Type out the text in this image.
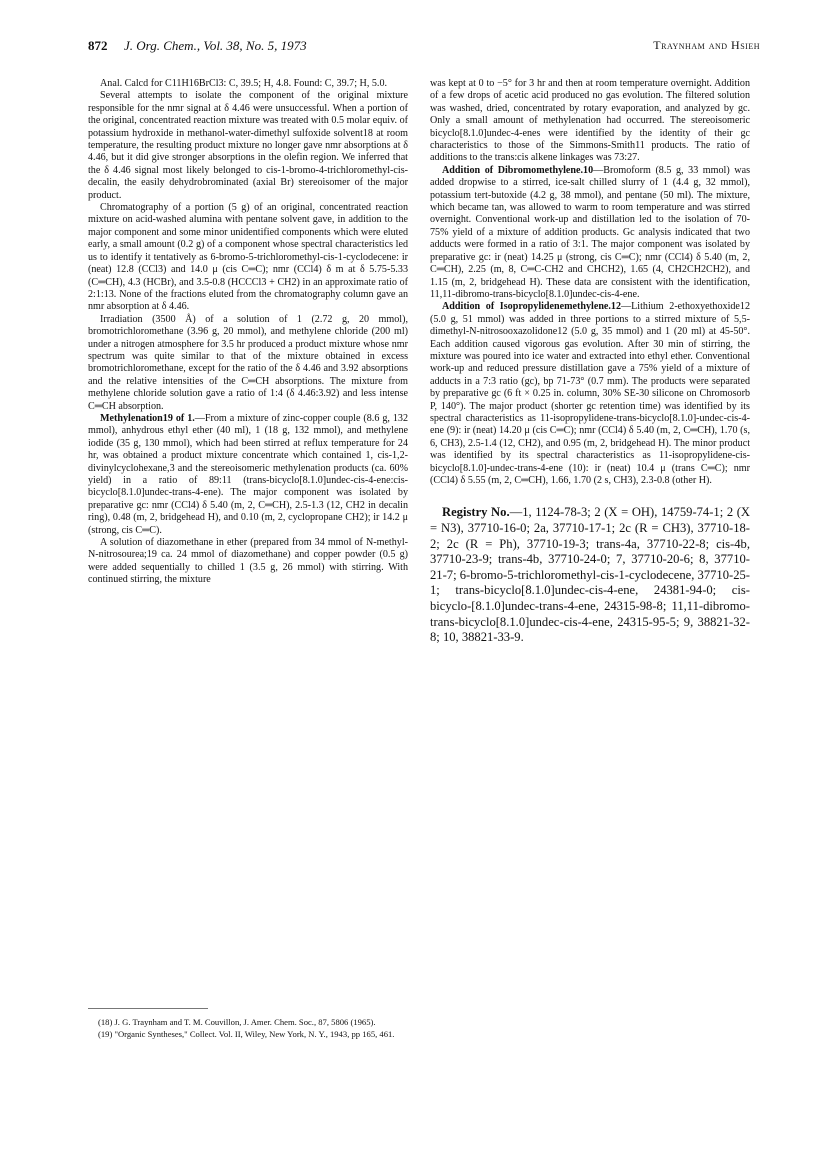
872 J. Org. Chem., Vol. 38, No. 5, 1973	Traynham and Hsieh

Anal. Calcd for C11H16BrCl3: C, 39.5; H, 4.8. Found: C, 39.7; H, 5.0.

Several attempts to isolate the component of the original mixture responsible for the nmr signal at δ 4.46 were unsuccessful. When a portion of the original, concentrated reaction mixture was treated with 0.5 molar equiv. of potassium hydroxide in methanol-water-dimethyl sulfoxide solvent18 at room temperature, the resulting product mixture no longer gave nmr absorptions at δ 4.46, but it did give stronger absorptions in the olefin region. We inferred that the δ 4.46 signal most likely belonged to cis-1-bromo-4-trichloromethyl-cis-decalin, the easily dehydrobrominated (axial Br) stereoisomer of the major product.

Chromatography of a portion (5 g) of an original, concentrated reaction mixture on acid-washed alumina with pentane solvent gave, in addition to the major component and some minor unidentified components which were eluted early, a small amount (0.2 g) of a component whose spectral characteristics led us to identify it tentatively as 6-bromo-5-trichloromethyl-cis-1-cyclodecene: ir (neat) 12.8 (CCl3) and 14.0 μ (cis C═C); nmr (CCl4) δ m at δ 5.75-5.33 (C═CH), 4.3 (HCBr), and 3.5-0.8 (HCCCl3 + CH2) in an approximate ratio of 2:1:13. None of the fractions eluted from the chromatography column gave an nmr absorption at δ 4.46.

Irradiation (3500 Å) of a solution of 1 (2.72 g, 20 mmol), bromotrichloromethane (3.96 g, 20 mmol), and methylene chloride (200 ml) under a nitrogen atmosphere for 3.5 hr produced a product mixture whose nmr spectrum was quite similar to that of the mixture obtained in excess bromotrichloromethane, except for the ratio of the δ 4.46 and 3.92 absorptions and the relative intensities of the C═CH absorptions. The mixture from methylene chloride solution gave a ratio of 1:4 (δ 4.46:3.92) and less intense C═CH absorption.

Methylenation19 of 1.—From a mixture of zinc-copper couple (8.6 g, 132 mmol), anhydrous ethyl ether (40 ml), 1 (18 g, 132 mmol), and methylene iodide (35 g, 130 mmol), which had been stirred at reflux temperature for 24 hr, was obtained a product mixture concentrate which contained 1, cis-1,2-divinylcyclohexane,3 and the stereoisomeric methylenation products (ca. 60% yield) in a ratio of 89:11 (trans-bicyclo[8.1.0]undec-cis-4-ene:cis-bicyclo[8.1.0]undec-trans-4-ene). The major component was isolated by preparative gc: nmr (CCl4) δ 5.40 (m, 2, C═CH), 2.5-1.3 (12, CH2 in decalin ring), 0.48 (m, 2, bridgehead H), and 0.10 (m, 2, cyclopropane CH2); ir 14.2 μ (strong, cis C═C).

A solution of diazomethane in ether (prepared from 34 mmol of N-methyl-N-nitrosourea;19 ca. 24 mmol of diazomethane) and copper powder (0.5 g) were added sequentially to chilled 1 (3.5 g, 26 mmol) with stirring. With continued stirring, the mixture

was kept at 0 to −5° for 3 hr and then at room temperature overnight. Addition of a few drops of acetic acid produced no gas evolution. The filtered solution was washed, dried, concentrated by rotary evaporation, and analyzed by gc. Only a small amount of methylenation had occurred. The stereoisomeric bicyclo[8.1.0]undec-4-enes were identified by the identity of their gc characteristics to those of the Simmons-Smith11 products. The ratio of additions to the trans:cis alkene linkages was 73:27.

Addition of Dibromomethylene.10—Bromoform (8.5 g, 33 mmol) was added dropwise to a stirred, ice-salt chilled slurry of 1 (4.4 g, 32 mmol), potassium tert-butoxide (4.2 g, 38 mmol), and pentane (50 ml). The mixture, which became tan, was allowed to warm to room temperature and was stirred overnight. Conventional work-up and distillation led to the isolation of 70-75% yield of a mixture of addition products. Gc analysis indicated that two adducts were formed in a ratio of 3:1. The major component was isolated by preparative gc: ir (neat) 14.25 μ (strong, cis C═C); nmr (CCl4) δ 5.40 (m, 2, C═CH), 2.25 (m, 8, C═C-CH2 and CHCH2), 1.65 (4, CH2CH2CH2), and 1.15 (m, 2, bridgehead H). These data are consistent with the identification, 11,11-dibromo-trans-bicyclo[8.1.0]undec-cis-4-ene.

Addition of Isopropylidenemethylene.12—Lithium 2-ethoxyethoxide12 (5.0 g, 51 mmol) was added in three portions to a stirred mixture of 5,5-dimethyl-N-nitrosooxazolidone12 (5.0 g, 35 mmol) and 1 (20 ml) at 45-50°. Each addition caused vigorous gas evolution. After 30 min of stirring, the mixture was poured into ice water and extracted into ethyl ether. Conventional work-up and reduced pressure distillation gave a 75% yield of a mixture of adducts in a 7:3 ratio (gc), bp 71-73° (0.7 mm). The products were separated by preparative gc (6 ft × 0.25 in. column, 30% SE-30 silicone on Chromosorb P, 140°). The major product (shorter gc retention time) was identified by its spectral characteristics as 11-isopropylidene-trans-bicyclo[8.1.0]-undec-cis-4-ene (9): ir (neat) 14.20 μ (cis C═C); nmr (CCl4) δ 5.40 (m, 2, C═CH), 1.70 (s, 6, CH3), 2.5-1.4 (12, CH2), and 0.95 (m, 2, bridgehead H). The minor product was identified by its spectral characteristics as 11-isopropylidene-cis-bicyclo[8.1.0]-undec-trans-4-ene (10): ir (neat) 10.4 μ (trans C═C); nmr (CCl4) δ 5.55 (m, 2, C═CH), 1.66, 1.70 (2 s, CH3), 2.3-0.8 (other H).

Registry No.—1, 1124-78-3; 2 (X = OH), 14759-74-1; 2 (X = N3), 37710-16-0; 2a, 37710-17-1; 2c (R = CH3), 37710-18-2; 2c (R = Ph), 37710-19-3; trans-4a, 37710-22-8; cis-4b, 37710-23-9; trans-4b, 37710-24-0; 7, 37710-20-6; 8, 37710-21-7; 6-bromo-5-trichloromethyl-cis-1-cyclodecene, 37710-25-1; trans-bicyclo[8.1.0]undec-cis-4-ene, 24381-94-0; cis-bicyclo-[8.1.0]undec-trans-4-ene, 24315-98-8; 11,11-dibromo-trans-bicyclo[8.1.0]undec-cis-4-ene, 24315-95-5; 9, 38821-32-8; 10, 38821-33-9.

(18) J. G. Traynham and T. M. Couvillon, J. Amer. Chem. Soc., 87, 5806 (1965).

(19) "Organic Syntheses," Collect. Vol. II, Wiley, New York, N. Y., 1943, pp 165, 461.
